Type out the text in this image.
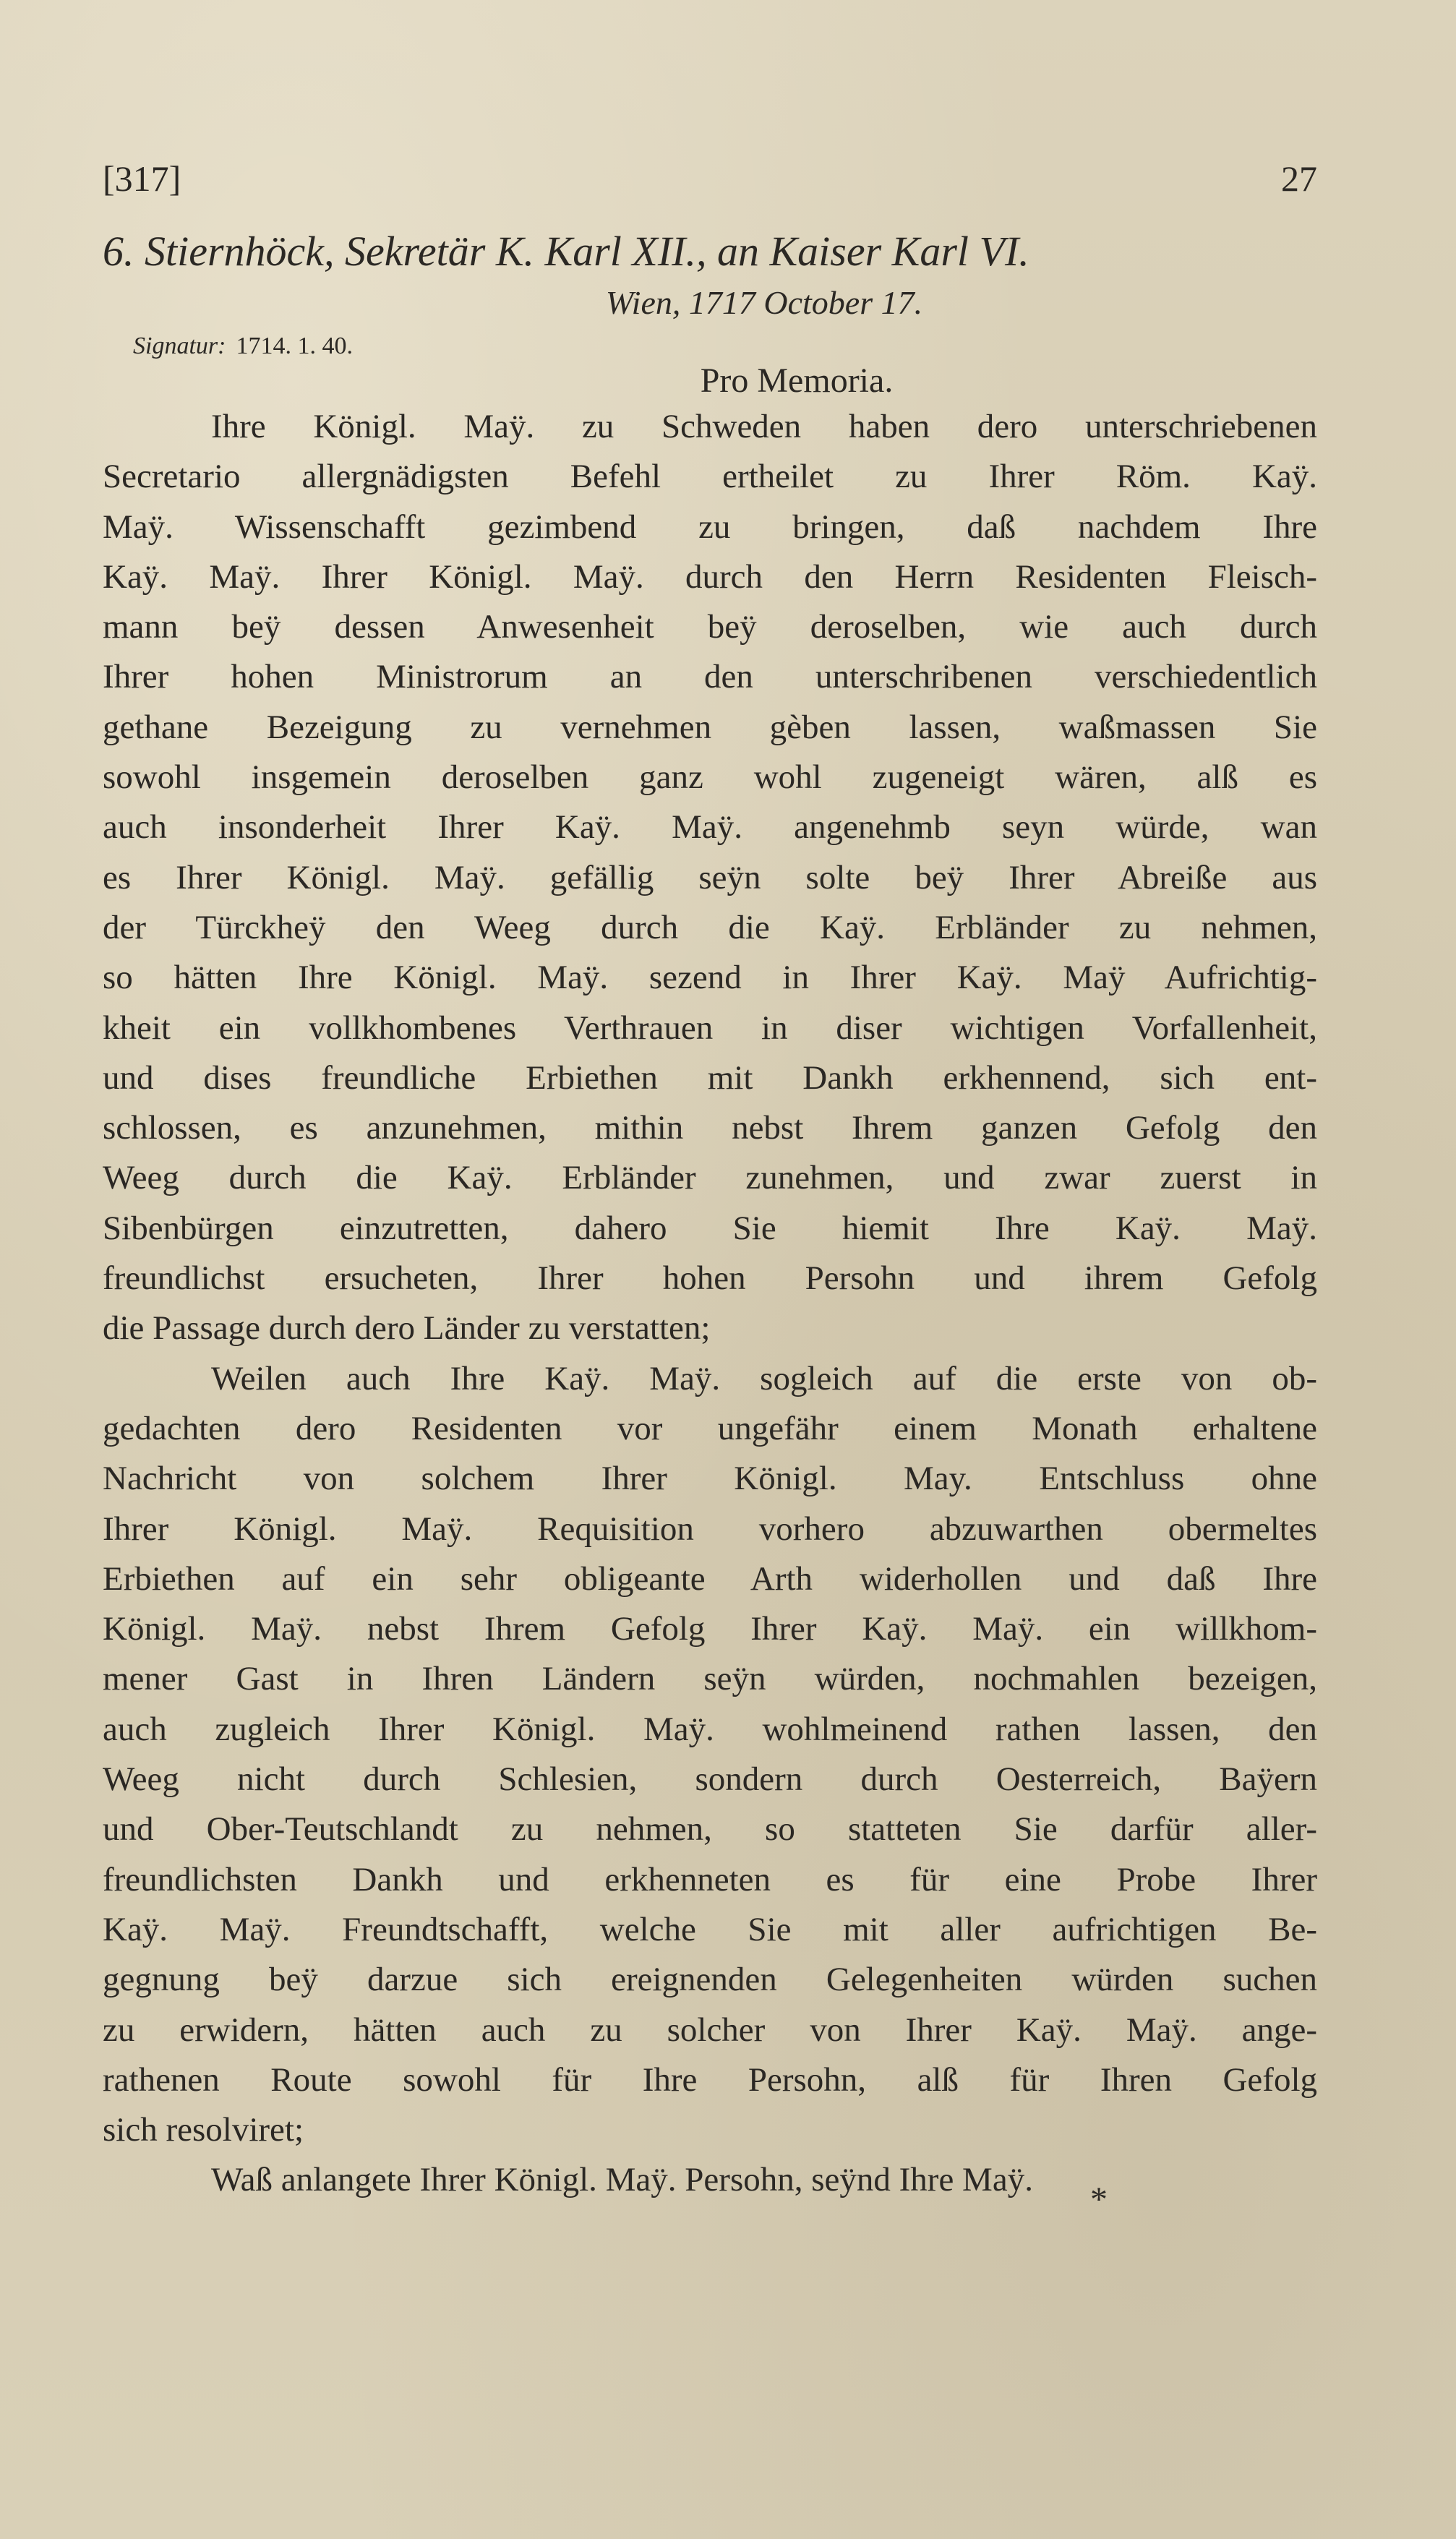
[317]	27
6. Stiernhöck, Sekretär K. Karl XII., an Kaiser Karl VI.
Wien, 1717 October 17.
Signatur: 1714. 1. 40.
Pro Memoria.
Ihre Königl. Maÿ. zu Schweden haben dero unterschriebenen
Secretario allergnädigsten Befehl ertheilet zu Ihrer Röm. Kaÿ.
Maÿ. Wissenschafft gezimbend zu bringen, daß nachdem Ihre
Kaÿ. Maÿ. Ihrer Königl. Maÿ. durch den Herrn Residenten Fleisch-
mann beÿ dessen Anwesenheit beÿ deroselben, wie auch durch
Ihrer hohen Ministrorum an den unterschribenen verschiedentlich
gethane Bezeigung zu vernehmen gèben lassen, waßmassen Sie
sowohl insgemein deroselben ganz wohl zugeneigt wären, alß es
auch insonderheit Ihrer Kaÿ. Maÿ. angenehmb seyn würde, wan
es Ihrer Königl. Maÿ. gefällig seÿn solte beÿ Ihrer Abreiße aus
der Türckheÿ den Weeg durch die Kaÿ. Erbländer zu nehmen,
so hätten Ihre Königl. Maÿ. sezend in Ihrer Kaÿ. Maÿ Aufrichtig-
kheit ein vollkhombenes Verthrauen in diser wichtigen Vorfallenheit,
und dises freundliche Erbiethen mit Dankh erkhennend, sich ent-
schlossen, es anzunehmen, mithin nebst Ihrem ganzen Gefolg den
Weeg durch die Kaÿ. Erbländer zunehmen, und zwar zuerst in
Sibenbürgen einzutretten, dahero Sie hiemit Ihre Kaÿ. Maÿ.
freundlichst ersucheten, Ihrer hohen Persohn und ihrem Gefolg
die Passage durch dero Länder zu verstatten;
Weilen auch Ihre Kaÿ. Maÿ. sogleich auf die erste von ob-
gedachten dero Residenten vor ungefähr einem Monath erhaltene
Nachricht von solchem Ihrer Königl. May. Entschluss ohne
Ihrer Königl. Maÿ. Requisition vorhero abzuwarthen obermeltes
Erbiethen auf ein sehr obligeante Arth widerhollen und daß Ihre
Königl. Maÿ. nebst Ihrem Gefolg Ihrer Kaÿ. Maÿ. ein willkhom-
mener Gast in Ihren Ländern seÿn würden, nochmahlen bezeigen,
auch zugleich Ihrer Königl. Maÿ. wohlmeinend rathen lassen, den
Weeg nicht durch Schlesien, sondern durch Oesterreich, Baÿern
und Ober-Teutschlandt zu nehmen, so statteten Sie darfür aller-
freundlichsten Dankh und erkhenneten es für eine Probe Ihrer
Kaÿ. Maÿ. Freundtschafft, welche Sie mit aller aufrichtigen Be-
gegnung beÿ darzue sich ereignenden Gelegenheiten würden suchen
zu erwidern, hätten auch zu solcher von Ihrer Kaÿ. Maÿ. ange-
rathenen Route sowohl für Ihre Persohn, alß für Ihren Gefolg
sich resolviret;
Waß anlangete Ihrer Königl. Maÿ. Persohn, seÿnd Ihre Maÿ.
*
